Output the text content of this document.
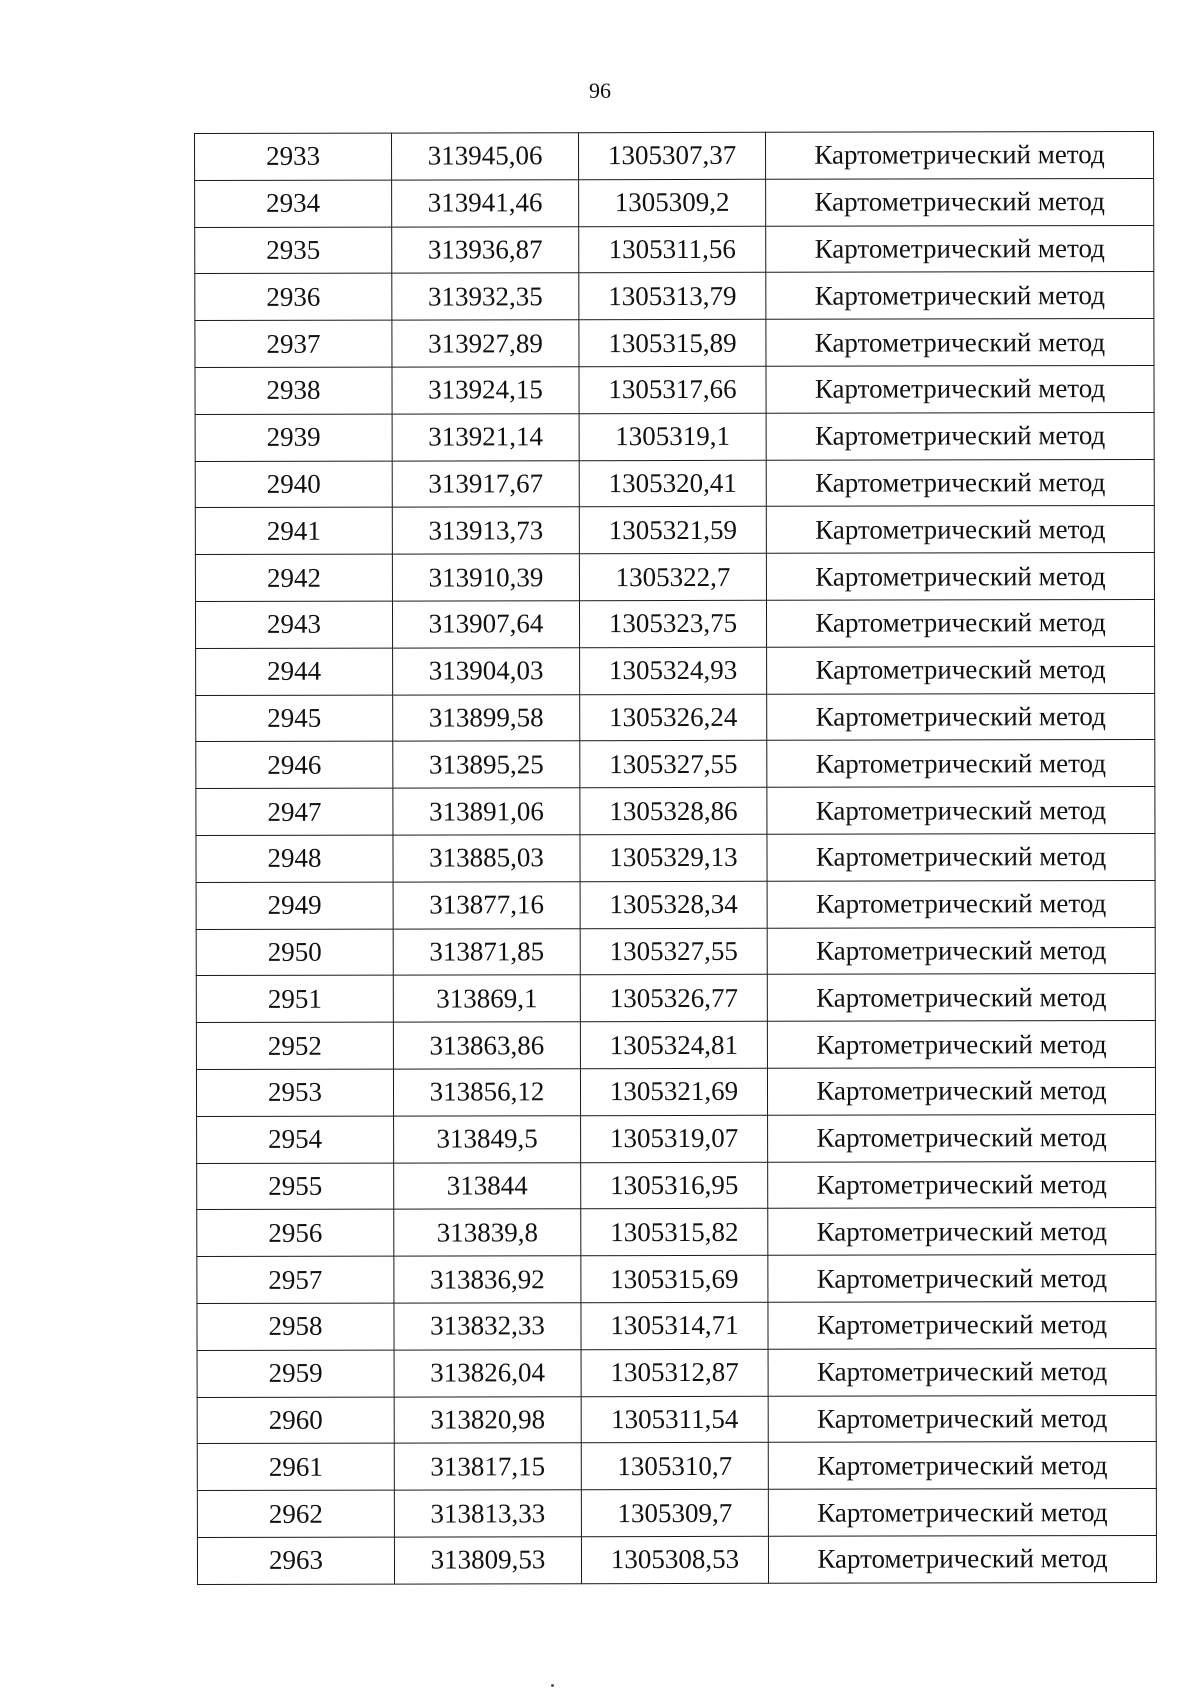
96
2933	313945,06	1305307,37	Картометрический метод
2934	313941,46	1305309,2	Картометрический метод
2935	313936,87	1305311,56	Картометрический метод
2936	313932,35	1305313,79	Картометрический метод
2937	313927,89	1305315,89	Картометрический метод
2938	313924,15	1305317,66	Картометрический метод
2939	313921,14	1305319,1	Картометрический метод
2940	313917,67	1305320,41	Картометрический метод
2941	313913,73	1305321,59	Картометрический метод
2942	313910,39	1305322,7	Картометрический метод
2943	313907,64	1305323,75	Картометрический метод
2944	313904,03	1305324,93	Картометрический метод
2945	313899,58	1305326,24	Картометрический метод
2946	313895,25	1305327,55	Картометрический метод
2947	313891,06	1305328,86	Картометрический метод
2948	313885,03	1305329,13	Картометрический метод
2949	313877,16	1305328,34	Картометрический метод
2950	313871,85	1305327,55	Картометрический метод
2951	313869,1	1305326,77	Картометрический метод
2952	313863,86	1305324,81	Картометрический метод
2953	313856,12	1305321,69	Картометрический метод
2954	313849,5	1305319,07	Картометрический метод
2955	313844	1305316,95	Картометрический метод
2956	313839,8	1305315,82	Картометрический метод
2957	313836,92	1305315,69	Картометрический метод
2958	313832,33	1305314,71	Картометрический метод
2959	313826,04	1305312,87	Картометрический метод
2960	313820,98	1305311,54	Картометрический метод
2961	313817,15	1305310,7	Картометрический метод
2962	313813,33	1305309,7	Картометрический метод
2963	313809,53	1305308,53	Картометрический метод
